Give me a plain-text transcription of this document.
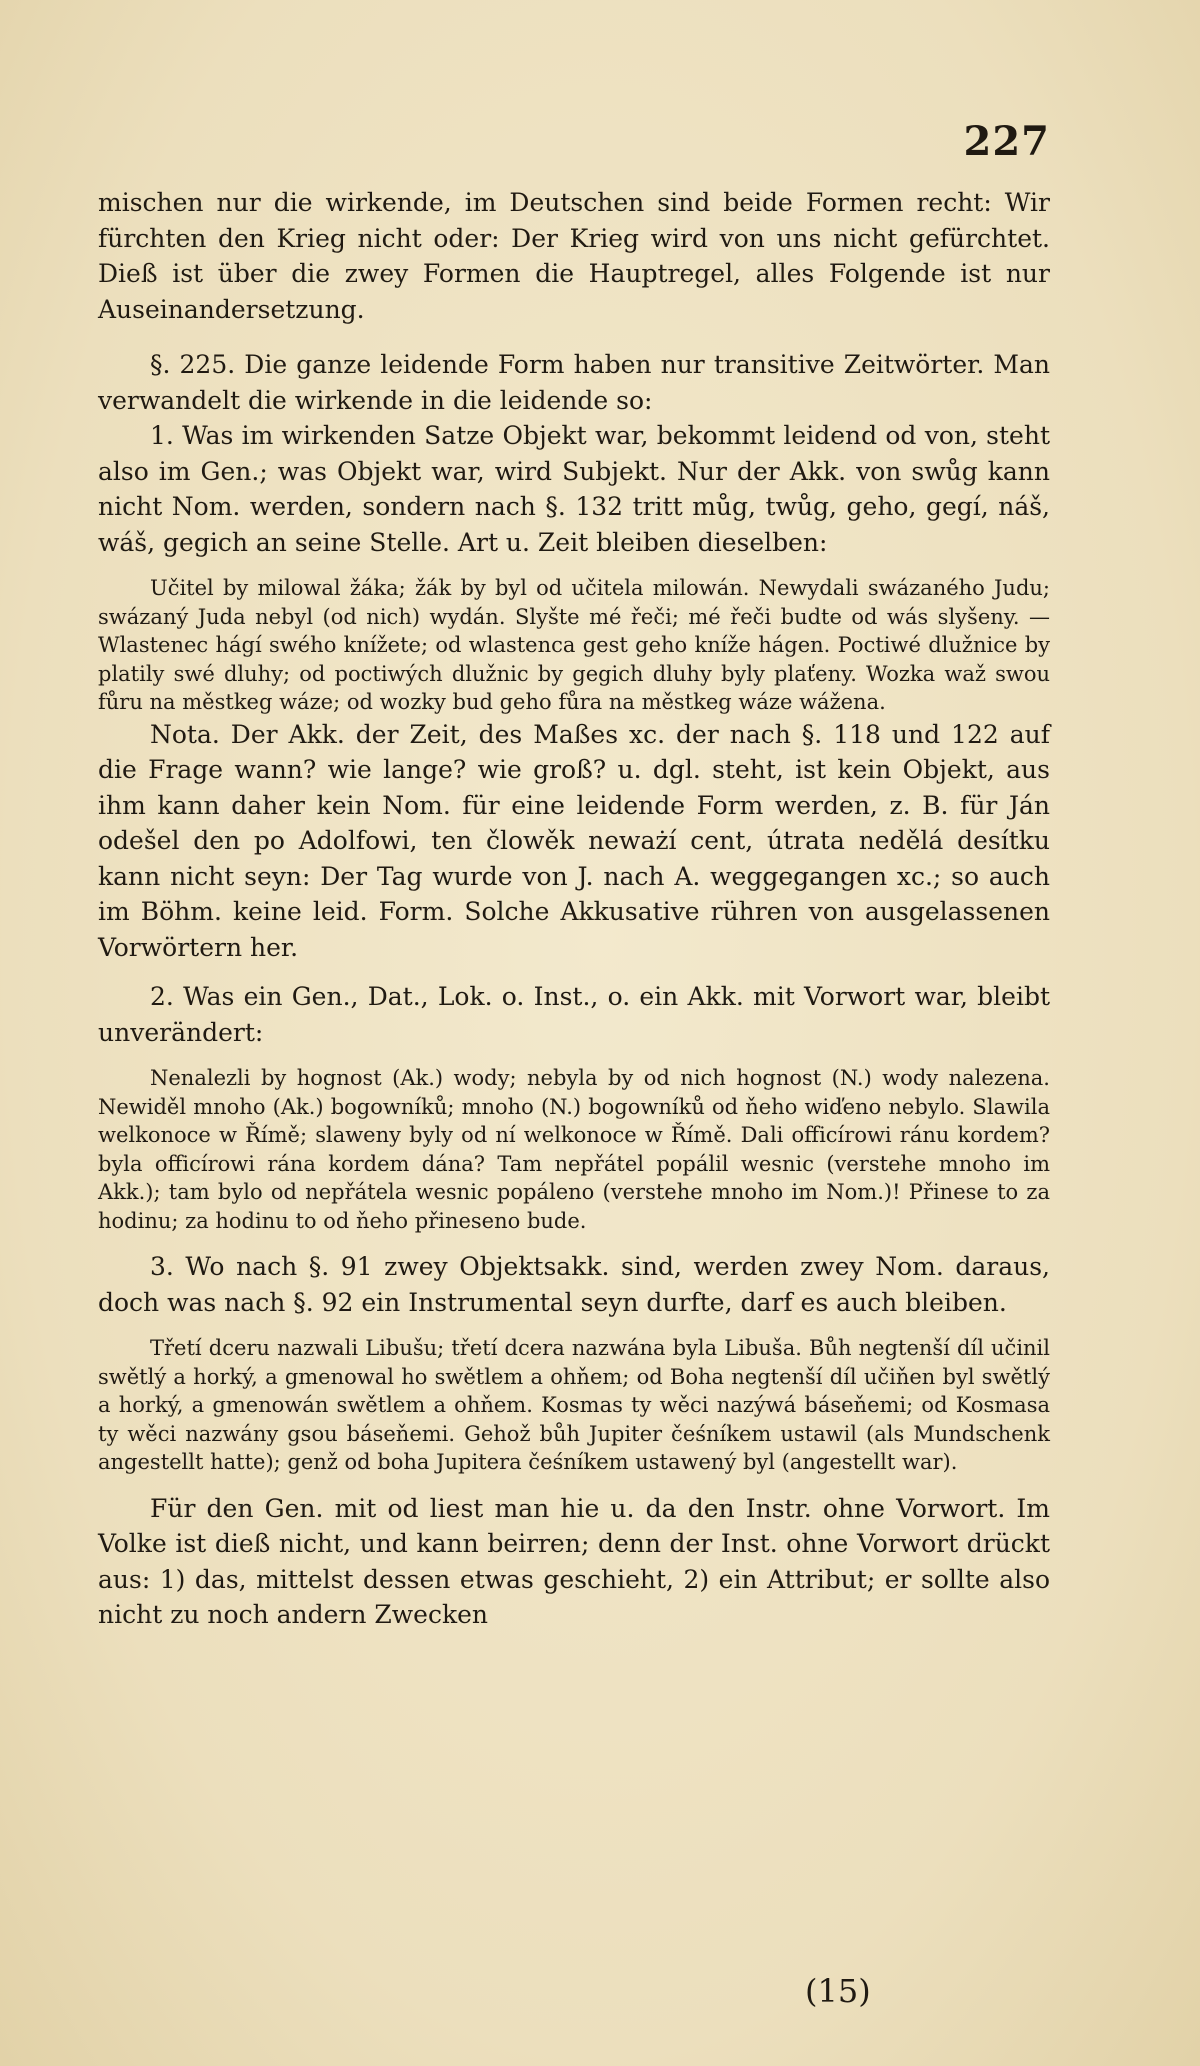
227

mischen nur die wirkende, im Deutschen sind beide Formen recht: Wir fürchten den Krieg nicht oder: Der Krieg wird von uns nicht gefürchtet. Dieß ist über die zwey Formen die Hauptregel, alles Folgende ist nur Auseinandersetzung.

§. 225. Die ganze leidende Form haben nur transitive Zeitwörter. Man verwandelt die wirkende in die leidende so:

1. Was im wirkenden Satze Objekt war, bekommt leidend od von, steht also im Gen.; was Objekt war, wird Subjekt. Nur der Akk. von swůg kann nicht Nom. werden, sondern nach §. 132 tritt můg, twůg, geho, gegí, náš, wáš, gegich an seine Stelle. Art u. Zeit bleiben dieselben:

Učitel by milowal žáka; žák by byl od učitela milowán. Newydali swázaného Judu; swázaný Juda nebyl (od nich) wydán. Slyšte mé řeči; mé řeči budte od wás slyšeny. — Wlastenec hágí swého knížete; od wlastenca gest geho kníže hágen. Poctiwé dlužnice by platily swé dluhy; od poctiwých dlužnic by gegich dluhy byly plaťeny. Wozka waž swou fůru na městkeg wáze; od wozky bud geho fůra na městkeg wáze wážena.

Nota. Der Akk. der Zeit, des Maßes xc. der nach §. 118 und 122 auf die Frage wann? wie lange? wie groß? u. dgl. steht, ist kein Objekt, aus ihm kann daher kein Nom. für eine leidende Form werden, z. B. für Ján odešel den po Adolfowi, ten člowěk neważí cent, útrata nedělá desítku kann nicht seyn: Der Tag wurde von J. nach A. weggegangen xc.; so auch im Böhm. keine leid. Form. Solche Akkusative rühren von ausgelassenen Vorwörtern her.

2. Was ein Gen., Dat., Lok. o. Inst., o. ein Akk. mit Vorwort war, bleibt unverändert:

Nenalezli by hognost (Ak.) wody; nebyla by od nich hognost (N.) wody nalezena. Newiděl mnoho (Ak.) bogowníků; mnoho (N.) bogowníků od ňeho wiďeno nebylo. Slawila welkonoce w Římě; slaweny byly od ní welkonoce w Římě. Dali officírowi ránu kordem? byla officírowi rána kordem dána? Tam nepřátel popálil wesnic (verstehe mnoho im Akk.); tam bylo od nepřátela wesnic popáleno (verstehe mnoho im Nom.)! Přinese to za hodinu; za hodinu to od ňeho přineseno bude.

3. Wo nach §. 91 zwey Objektsakk. sind, werden zwey Nom. daraus, doch was nach §. 92 ein Instrumental seyn durfte, darf es auch bleiben.

Třetí dceru nazwali Libušu; třetí dcera nazwána byla Libuša. Bůh negtenší díl učinil swětlý a horký, a gmenowal ho swětlem a ohňem; od Boha negtenší díl učiňen byl swětlý a horký, a gmenowán swětlem a ohňem. Kosmas ty wěci nazýwá báseňemi; od Kosmasa ty wěci nazwány gsou báseňemi. Gehož bůh Jupiter čeśníkem ustawil (als Mundschenk angestellt hatte); genž od boha Jupitera čeśníkem ustawený byl (angestellt war).

Für den Gen. mit od liest man hie u. da den Instr. ohne Vorwort. Im Volke ist dieß nicht, und kann beirren; denn der Inst. ohne Vorwort drückt aus: 1) das, mittelst dessen etwas geschieht, 2) ein Attribut; er sollte also nicht zu noch andern Zwecken

(15)
